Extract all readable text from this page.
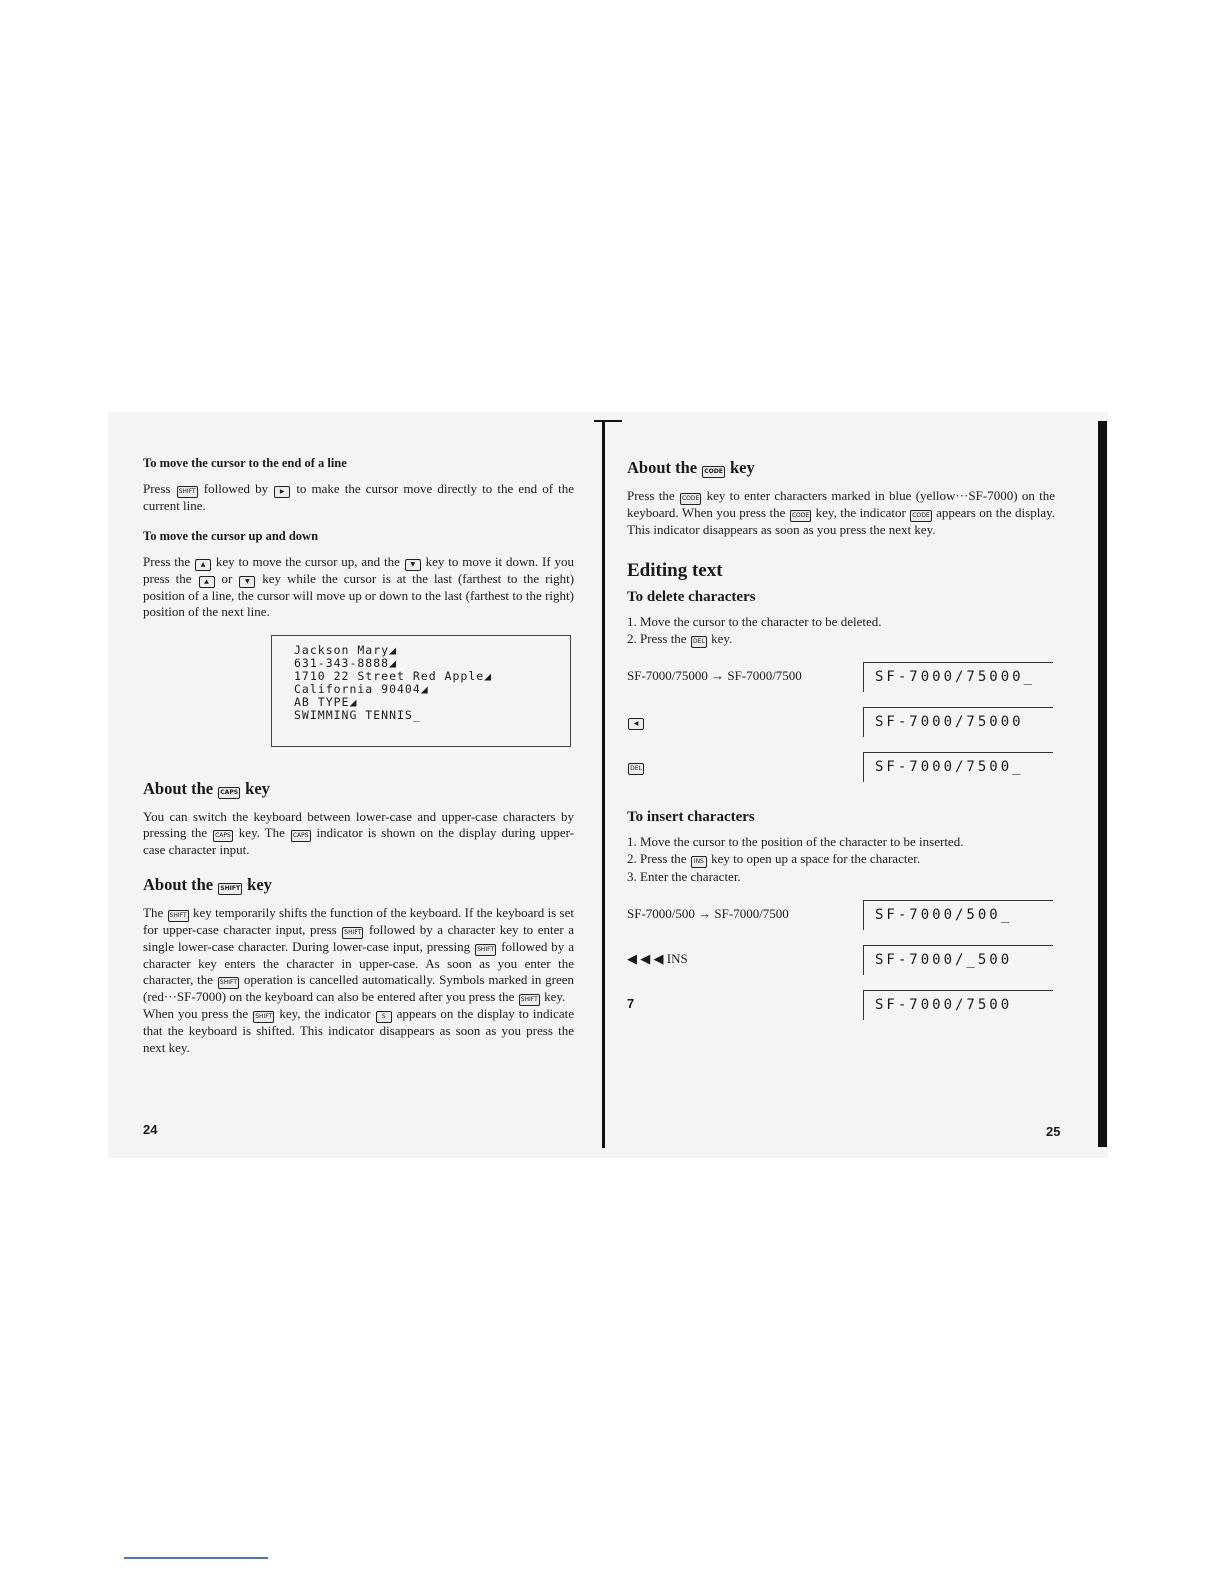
To move the cursor to the end of a line

Press SHIFT followed by ▶ to make the cursor move directly to the end of the current line.

To move the cursor up and down

Press the ▲ key to move the cursor up, and the ▼ key to move it down. If you press the ▲ or ▼ key while the cursor is at the last (farthest to the right) position of a line, the cursor will move up or down to the last (farthest to the right) position of the next line.

Jackson Mary◢
631-343-8888◢
1710 22 Street Red Apple◢
California 90404◢
AB TYPE◢
SWIMMING TENNIS_
About the CAPS key

You can switch the keyboard between lower-case and upper-case characters by pressing the CAPS key. The CAPS indicator is shown on the display during upper-case character input.

About the SHIFT key

The SHIFT key temporarily shifts the function of the keyboard. If the keyboard is set for upper-case character input, press SHIFT followed by a character key to enter a single lower-case character. During lower-case input, pressing SHIFT followed by a character key enters the character in upper-case. As soon as you enter the character, the SHIFT operation is cancelled automatically. Symbols marked in green (red···SF-7000) on the keyboard can also be entered after you press the SHIFT key.
When you press the SHIFT key, the indicator S appears on the display to indicate that the keyboard is shifted. This indicator disappears as soon as you press the next key.

24
About the CODE key

Press the CODE key to enter characters marked in blue (yellow···SF-7000) on the keyboard. When you press the CODE key, the indicator CODE appears on the display. This indicator disappears as soon as you press the next key.

Editing text
To delete characters
1. Move the cursor to the character to be deleted.
2. Press the DEL key.
SF-7000/75000 → SF-7000/7500	SF-7000/75000_
◀	SF-7000/75000
DEL	SF-7000/7500_
To insert characters
1. Move the cursor to the position of the character to be inserted.
2. Press the INS key to open up a space for the character.
3. Enter the character.
SF-7000/500 → SF-7000/7500	SF-7000/500_
◀ ◀ ◀ INS	SF-7000/_500
7	SF-7000/7500
25
